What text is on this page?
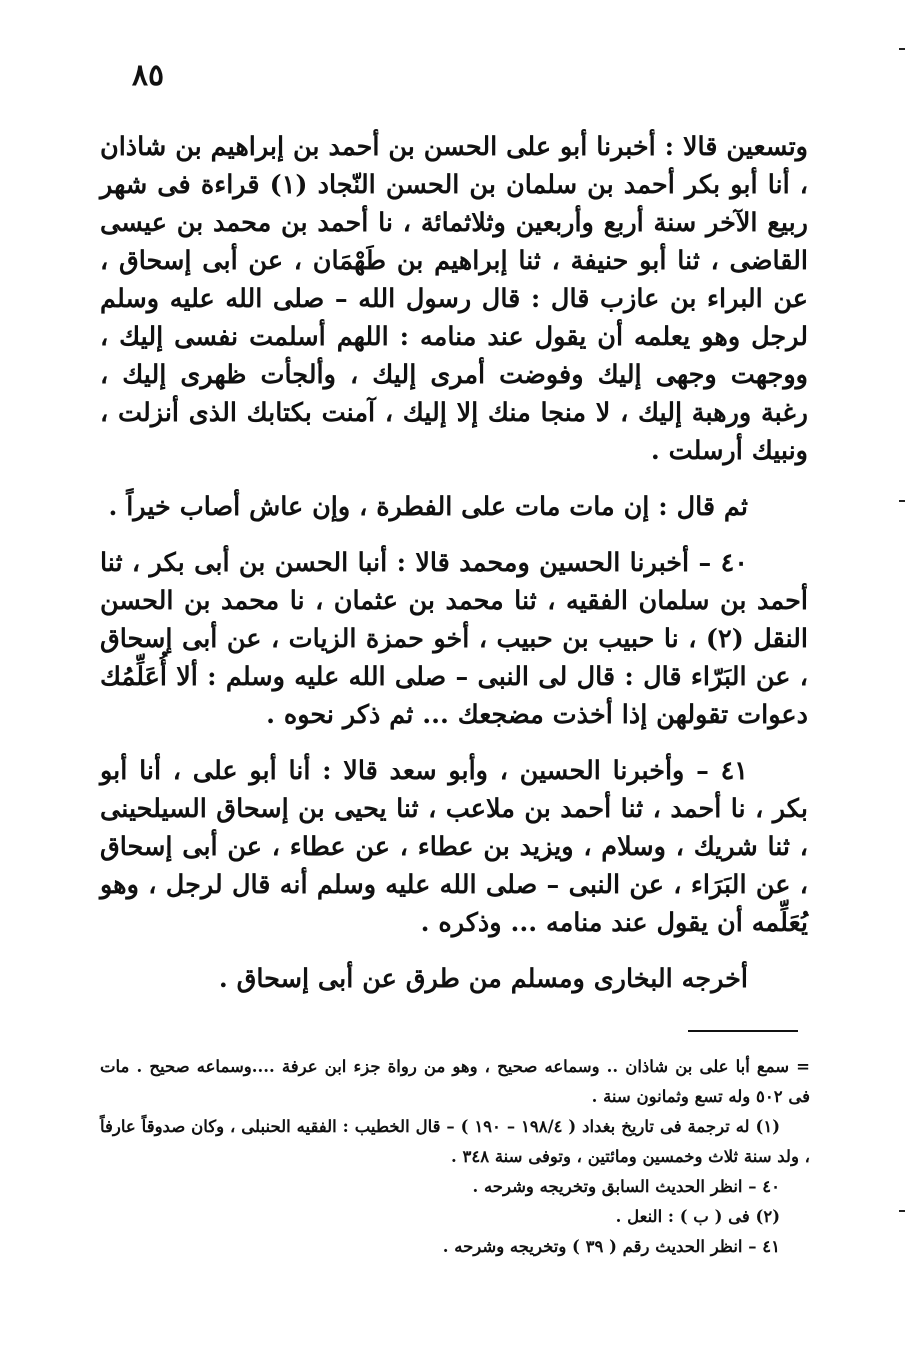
٨٥

وتسعين قالا : أخبرنا أبو على الحسن بن أحمد بن إبراهيم بن شاذان ، أنا أبو بكر أحمد بن سلمان بن الحسن النّجاد (١) قراءة فى شهر ربيع الآخر سنة أربع وأربعين وثلاثمائة ، نا أحمد بن محمد بن عيسى القاضى ، ثنا أبو حنيفة ، ثنا إبراهيم بن طَهْمَان ، عن أبى إسحاق ، عن البراء بن عازب قال : قال رسول الله – صلى الله عليه وسلم لرجل وهو يعلمه أن يقول عند منامه : اللهم أسلمت نفسى إليك ، ووجهت وجهى إليك وفوضت أمرى إليك ، وألجأت ظهرى إليك ، رغبة ورهبة إليك ، لا منجا منك إلا إليك ، آمنت بكتابك الذى أنزلت ، ونبيك أرسلت .

ثم قال : إن مات مات على الفطرة ، وإن عاش أصاب خيراً .

٤٠ – أخبرنا الحسين ومحمد قالا : أنبا الحسن بن أبى بكر ، ثنا أحمد بن سلمان الفقيه ، ثنا محمد بن عثمان ، نا محمد بن الحسن النقل (٢) ، نا حبيب بن حبيب ، أخو حمزة الزيات ، عن أبى إسحاق ، عن البَرّاء قال : قال لى النبى – صلى الله عليه وسلم : ألا أُعَلِّمُك دعوات تقولهن إذا أخذت مضجعك ... ثم ذكر نحوه .

٤١ – وأخبرنا الحسين ، وأبو سعد قالا : أنا أبو على ، أنا أبو بكر ، نا أحمد ، ثنا أحمد بن ملاعب ، ثنا يحيى بن إسحاق السيلحينى ، ثنا شريك ، وسلام ، ويزيد بن عطاء ، عن عطاء ، عن أبى إسحاق ، عن البَرَاء ، عن النبى – صلى الله عليه وسلم أنه قال لرجل ، وهو يُعَلِّمه أن يقول عند منامه ... وذكره .

أخرجه البخارى ومسلم من طرق عن أبى إسحاق .

= سمع أبا على بن شاذان .. وسماعه صحيح ، وهو من رواة جزء ابن عرفة ....وسماعه صحيح . مات فى ٥٠٢ وله تسع وثمانون سنة .

(١) له ترجمة فى تاريخ بغداد ( ١٩٨/٤ – ١٩٠ ) – قال الخطيب : الفقيه الحنبلى ، وكان صدوقاً عارفاً ، ولد سنة ثلاث وخمسين ومائتين ، وتوفى سنة ٣٤٨ .

٤٠ – انظر الحديث السابق وتخريجه وشرحه .

(٢) فى ( ب ) : النعل .

٤١ – انظر الحديث رقم ( ٣٩ ) وتخريجه وشرحه .
